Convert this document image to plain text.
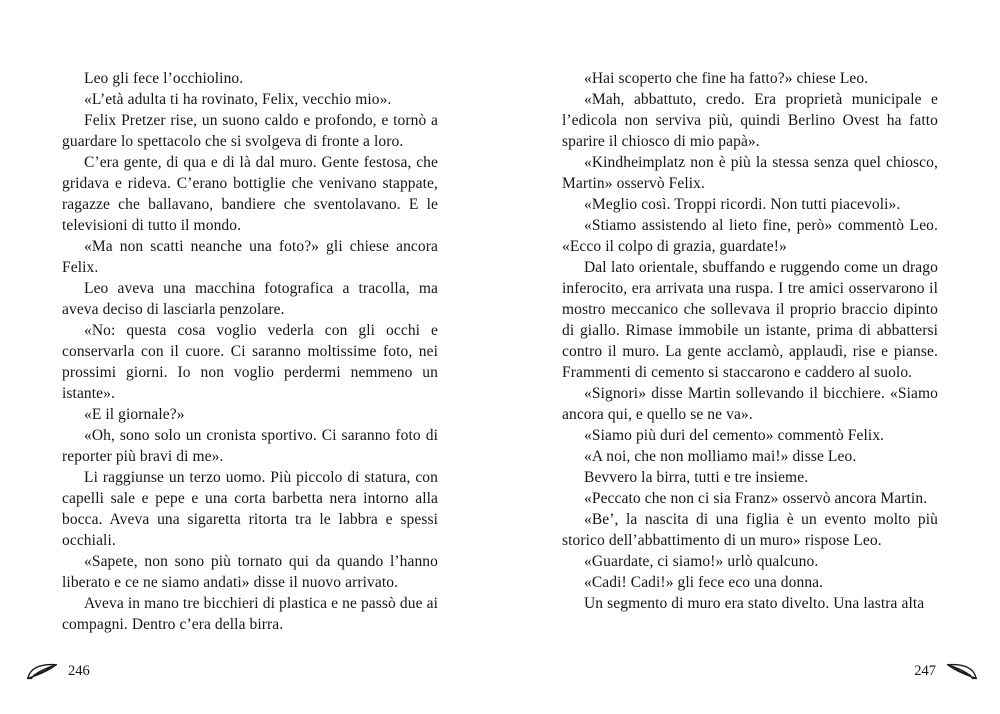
Leo gli fece l’occhiolino.

«L’età adulta ti ha rovinato, Felix, vecchio mio».

Felix Pretzer rise, un suono caldo e profondo, e tornò a guardare lo spettacolo che si svolgeva di fronte a loro.

C’era gente, di qua e di là dal muro. Gente festosa, che gridava e rideva. C’erano bottiglie che venivano stappate, ragazze che ballavano, bandiere che sventolavano. E le televisioni di tutto il mondo.

«Ma non scatti neanche una foto?» gli chiese ancora Felix.

Leo aveva una macchina fotografica a tracolla, ma aveva deciso di lasciarla penzolare.

«No: questa cosa voglio vederla con gli occhi e conservarla con il cuore. Ci saranno moltissime foto, nei prossimi giorni. Io non voglio perdermi nemmeno un istante».

«E il giornale?»

«Oh, sono solo un cronista sportivo. Ci saranno foto di reporter più bravi di me».

Li raggiunse un terzo uomo. Più piccolo di statura, con capelli sale e pepe e una corta barbetta nera intorno alla bocca. Aveva una sigaretta ritorta tra le labbra e spessi occhiali.

«Sapete, non sono più tornato qui da quando l’hanno liberato e ce ne siamo andati» disse il nuovo arrivato.

Aveva in mano tre bicchieri di plastica e ne passò due ai compagni. Dentro c’era della birra.

246

«Hai scoperto che fine ha fatto?» chiese Leo.

«Mah, abbattuto, credo. Era proprietà municipale e l’edicola non serviva più, quindi Berlino Ovest ha fatto sparire il chiosco di mio papà».

«Kindheimplatz non è più la stessa senza quel chiosco, Martin» osservò Felix.

«Meglio così. Troppi ricordi. Non tutti piacevoli».

«Stiamo assistendo al lieto fine, però» commentò Leo. «Ecco il colpo di grazia, guardate!»

Dal lato orientale, sbuffando e ruggendo come un drago inferocito, era arrivata una ruspa. I tre amici osservarono il mostro meccanico che sollevava il proprio braccio dipinto di giallo. Rimase immobile un istante, prima di abbattersi contro il muro. La gente acclamò, applaudì, rise e pianse. Frammenti di cemento si staccarono e caddero al suolo.

«Signori» disse Martin sollevando il bicchiere. «Siamo ancora qui, e quello se ne va».

«Siamo più duri del cemento» commentò Felix.

«A noi, che non molliamo mai!» disse Leo.

Bevvero la birra, tutti e tre insieme.

«Peccato che non ci sia Franz» osservò ancora Martin.

«Be’, la nascita di una figlia è un evento molto più storico dell’abbattimento di un muro» rispose Leo.

«Guardate, ci siamo!» urlò qualcuno.

«Cadi! Cadi!» gli fece eco una donna.

Un segmento di muro era stato divelto. Una lastra alta

247
